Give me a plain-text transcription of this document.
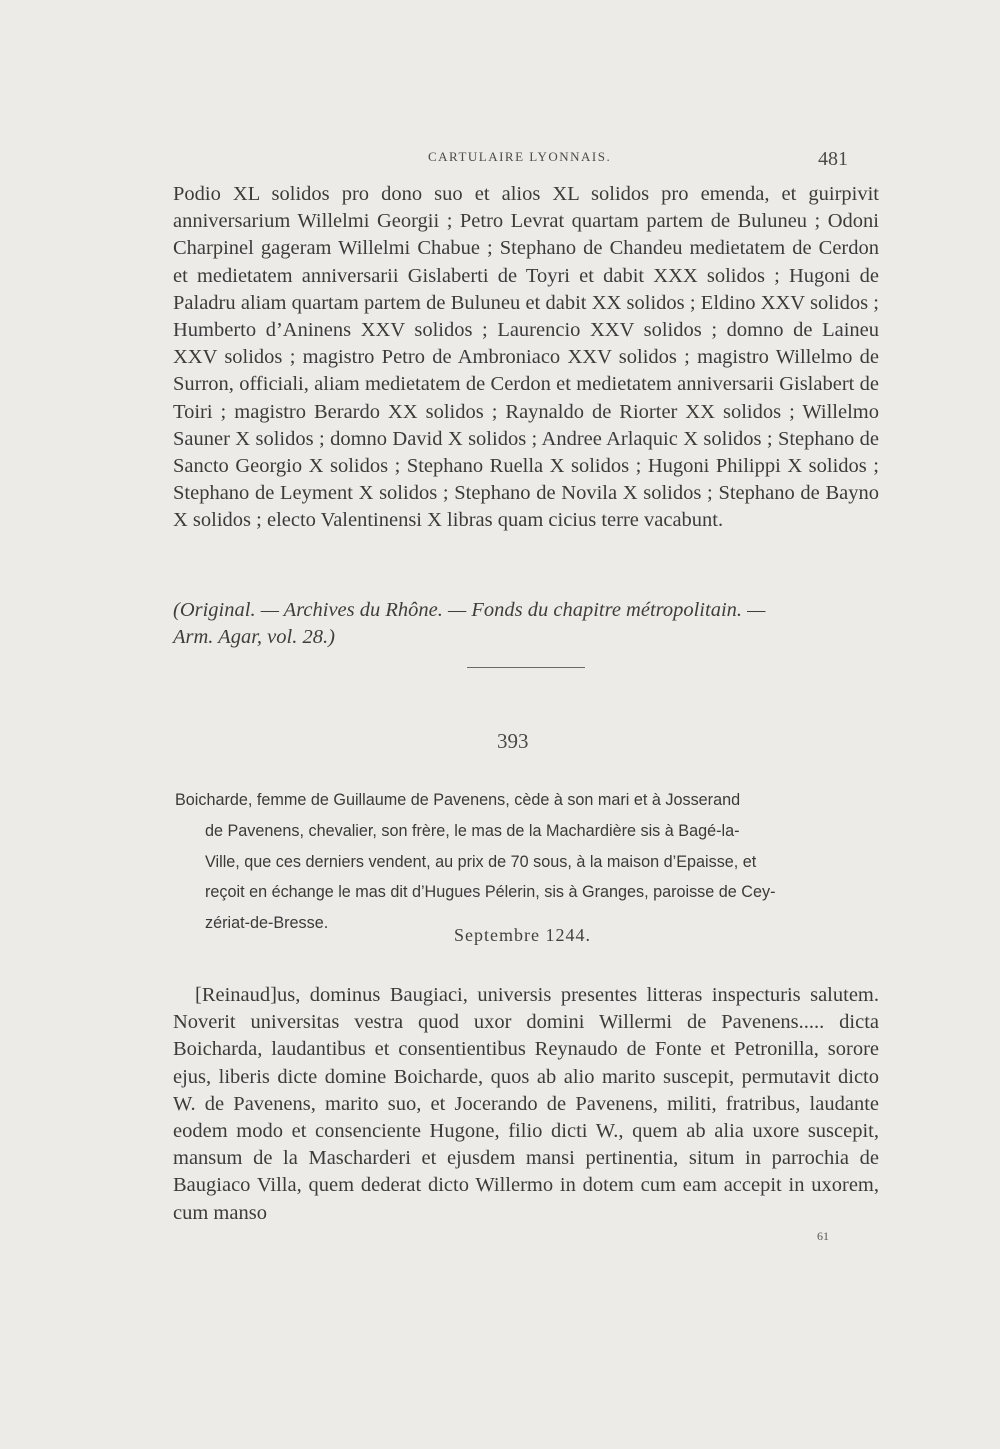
CARTULAIRE LYONNAIS.	481
Podio XL solidos pro dono suo et alios XL solidos pro emenda, et guirpivit anniversarium Willelmi Georgii ; Petro Levrat quartam partem de Buluneu ; Odoni Charpinel gageram Willelmi Chabue ; Stephano de Chandeu medietatem de Cerdon et medietatem anniversarii Gislaberti de Toyri et dabit XXX solidos ; Hugoni de Paladru aliam quartam partem de Buluneu et dabit XX solidos ; Eldino XXV solidos ; Humberto d’Aninens XXV solidos ; Laurencio XXV solidos ; domno de Laineu XXV solidos ; magistro Petro de Ambroniaco XXV solidos ; magistro Willelmo de Surron, officiali, aliam medietatem de Cerdon et medietatem anniversarii Gislabert de Toiri ; magistro Berardo XX solidos ; Raynaldo de Riorter XX solidos ; Willelmo Sauner X solidos ; domno David X solidos ; Andree Arlaquic X solidos ; Stephano de Sancto Georgio X solidos ; Stephano Ruella X solidos ; Hugoni Philippi X solidos ; Stephano de Leyment X solidos ; Stephano de Novila X solidos ; Stephano de Bayno X solidos ; electo Valentinensi X libras quam cicius terre vacabunt.
(Original. — Archives du Rhône. — Fonds du chapitre métropolitain. —
Arm. Agar, vol. 28.)
393
Boicharde, femme de Guillaume de Pavenens, cède à son mari et à Josserand
de Pavenens, chevalier, son frère, le mas de la Machardière sis à Bagé-la-
Ville, que ces derniers vendent, au prix de 70 sous, à la maison d’Epaisse, et
reçoit en échange le mas dit d’Hugues Pélerin, sis à Granges, paroisse de Cey-
zériat-de-Bresse.
Septembre 1244.

[Reinaud]us, dominus Baugiaci, universis presentes litteras inspecturis salutem. Noverit universitas vestra quod uxor domini Willermi de Pavenens..... dicta Boicharda, laudantibus et consentientibus Reynaudo de Fonte et Petronilla, sorore ejus, liberis dicte domine Boicharde, quos ab alio marito suscepit, permutavit dicto W. de Pavenens, marito suo, et Jocerando de Pavenens, militi, fratribus, laudante eodem modo et consenciente Hugone, filio dicti W., quem ab alia uxore suscepit, mansum de la Mascharderi et ejusdem mansi pertinentia, situm in parrochia de Baugiaco Villa, quem dederat dicto Willermo in dotem cum eam accepit in uxorem, cum manso

61
